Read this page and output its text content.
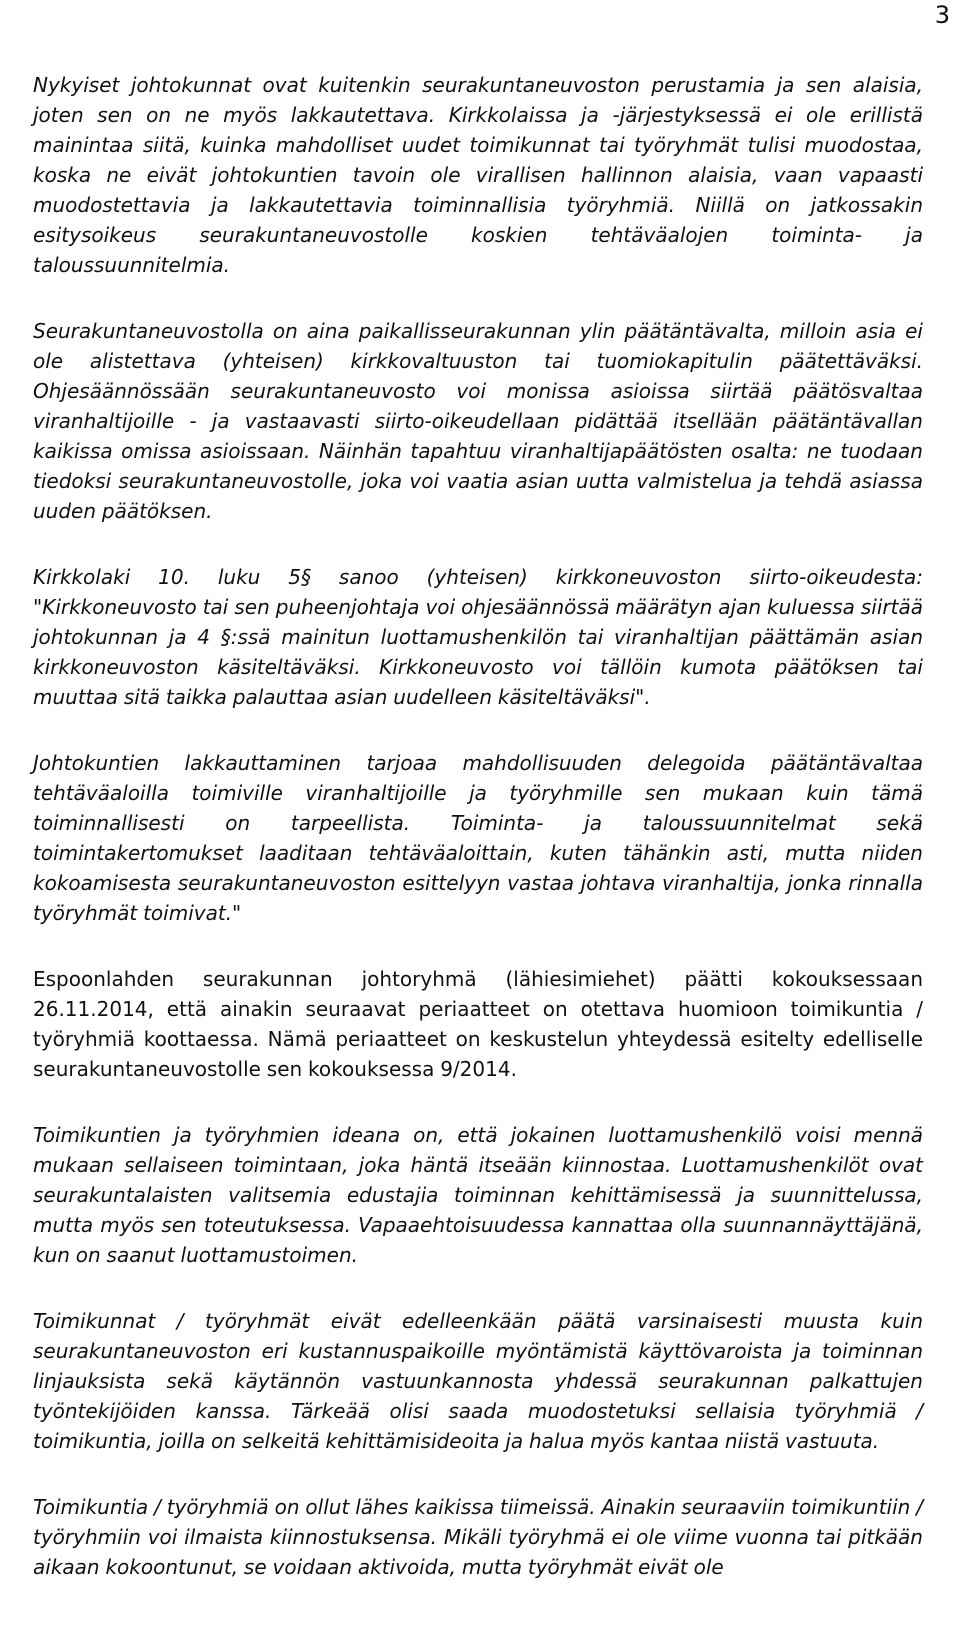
3

Nykyiset johtokunnat ovat kuitenkin seurakuntaneuvoston perustamia ja sen alaisia, joten sen on ne myös lakkautettava. Kirkkolaissa ja -järjestyksessä ei ole erillistä mainintaa siitä, kuinka mahdolliset uudet toimikunnat tai työryhmät tulisi muodostaa, koska ne eivät johtokuntien tavoin ole virallisen hallinnon alaisia, vaan vapaasti muodostettavia ja lakkautettavia toiminnallisia työryhmiä. Niillä on jatkossakin esitysoikeus seurakuntaneuvostolle koskien tehtäväalojen toiminta- ja taloussuunnitelmia.

Seurakuntaneuvostolla on aina paikallisseurakunnan ylin päätäntävalta, milloin asia ei ole alistettava (yhteisen) kirkkovaltuuston tai tuomiokapitulin päätettäväksi. Ohjesäännössään seurakuntaneuvosto voi monissa asioissa siirtää päätösvaltaa viranhaltijoille - ja vastaavasti siirto-oikeudellaan pidättää itsellään päätäntävallan kaikissa omissa asioissaan. Näinhän tapahtuu viranhaltijapäätösten osalta: ne tuodaan tiedoksi seurakuntaneuvostolle, joka voi vaatia asian uutta valmistelua ja tehdä asiassa uuden päätöksen.

Kirkkolaki 10. luku 5§ sanoo (yhteisen) kirkkoneuvoston siirto-oikeudesta: "Kirkkoneuvosto tai sen puheenjohtaja voi ohjesäännössä määrätyn ajan kuluessa siirtää johtokunnan ja 4 §:ssä mainitun luottamushenkilön tai viranhaltijan päättämän asian kirkkoneuvoston käsiteltäväksi. Kirkkoneuvosto voi tällöin kumota päätöksen tai muuttaa sitä taikka palauttaa asian uudelleen käsiteltäväksi".

Johtokuntien lakkauttaminen tarjoaa mahdollisuuden delegoida päätäntävaltaa tehtäväaloilla toimiville viranhaltijoille ja työryhmille sen mukaan kuin tämä toiminnallisesti on tarpeellista. Toiminta- ja taloussuunnitelmat sekä toimintakertomukset laaditaan tehtäväaloittain, kuten tähänkin asti, mutta niiden kokoamisesta seurakuntaneuvoston esittelyyn vastaa johtava viranhaltija, jonka rinnalla työryhmät toimivat."

Espoonlahden seurakunnan johtoryhmä (lähiesimiehet) päätti kokouksessaan 26.11.2014, että ainakin seuraavat periaatteet on otettava huomioon toimikuntia / työryhmiä koottaessa. Nämä periaatteet on keskustelun yhteydessä esitelty edelliselle seurakuntaneuvostolle sen kokouksessa 9/2014.

Toimikuntien ja työryhmien ideana on, että jokainen luottamushenkilö voisi mennä mukaan sellaiseen toimintaan, joka häntä itseään kiinnostaa. Luottamushenkilöt ovat seurakuntalaisten valitsemia edustajia toiminnan kehittämisessä ja suunnittelussa, mutta myös sen toteutuksessa. Vapaaehtoisuudessa kannattaa olla suunnannäyttäjänä, kun on saanut luottamustoimen.

Toimikunnat / työryhmät eivät edelleenkään päätä varsinaisesti muusta kuin seurakuntaneuvoston eri kustannuspaikoille myöntämistä käyttövaroista ja toiminnan linjauksista sekä käytännön vastuunkannosta yhdessä seurakunnan palkattujen työntekijöiden kanssa. Tärkeää olisi saada muodostetuksi sellaisia työryhmiä / toimikuntia, joilla on selkeitä kehittämisideoita ja halua myös kantaa niistä vastuuta.

Toimikuntia / työryhmiä on ollut lähes kaikissa tiimeissä. Ainakin seuraaviin toimikuntiin / työryhmiin voi ilmaista kiinnostuksensa. Mikäli työryhmä ei ole viime vuonna tai pitkään aikaan kokoontunut, se voidaan aktivoida, mutta työryhmät eivät ole
